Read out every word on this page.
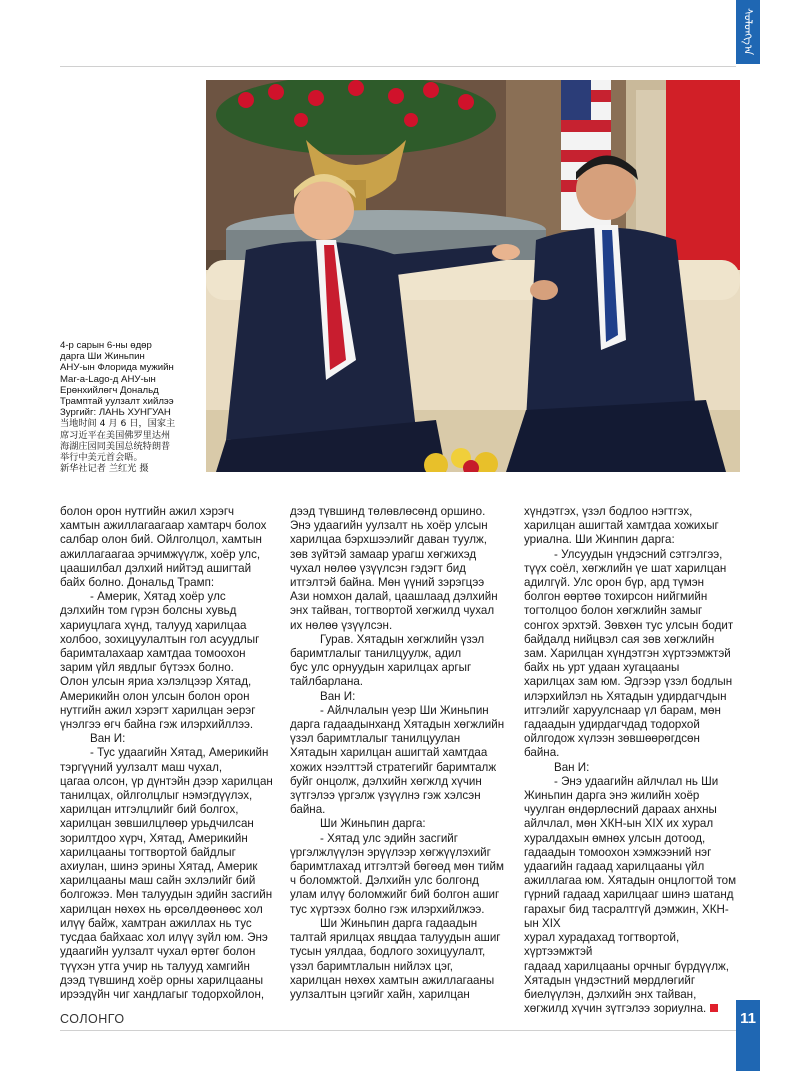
ᠰᠣᠯᠣᠩᠭ᠎ᠠ

4-р сарын 6-ны өдөр
дарга Ши Жиньпин
АНУ-ын Флорида мужийн
Mar-a-Lago-д АНУ-ын
Ерөнхийлөгч Дональд
Трамптай уулзалт хийлээ
Зургийг: ЛАНЬ ХУНГУАН

当地时间 4 月 6 日，国家主
席习近平在美国佛罗里达州
海湖庄园同美国总统特朗普
举行中美元首会晤。
新华社记者 兰红光 摄

болон орон нутгийн ажил хэрэгч
хамтын ажиллагаагаар хамтарч болох
салбар олон бий. Ойлголцол, хамтын
ажиллагаагаа эрчимжүүлж, хоёр улс,
цаашилбал дэлхий нийтэд ашигтай
байх болно. Дональд Трамп:

- Америк, Хятад хоёр улс
дэлхийн том гүрэн болсны хувьд
хариуцлага хүнд, талууд харилцаа
холбоо, зохицуулалтын гол асуудлыг
баримталахаар хамтдаа томоохон
зарим үйл явдлыг бүтээх болно.
Олон улсын яриа хэлэлцээр Хятад,
Америкийн олон улсын болон орон
нутгийн ажил хэрэгт харилцан эерэг
үнэлгээ өгч байна гэж илэрхийллээ.

Ван И:

- Тус удаагийн Хятад, Америкийн
тэргүүний уулзалт маш чухал,
цагаа олсон, үр дүнтэйн дээр харилцан
танилцах, ойлголцлыг нэмэгдүүлэх,
харилцан итгэлцлийг бий болгох,
харилцан зөвшилцлөөр урьдчилсан
зорилтдоо хүрч, Хятад, Америкийн
харилцааны тогтвортой байдлыг
ахиулан, шинэ эрины Хятад, Америк
харилцааны маш сайн эхлэлийг бий
болгожээ. Мөн талуудын эдийн засгийн
харилцан нөхөх нь өрсөлдөөнөөс хол
илүү байж, хамтран ажиллах нь тус
тусдаа байхаас хол илүү зүйл юм. Энэ
удаагийн уулзалт чухал өртөг болон
түүхэн утга учир нь талууд хамгийн
дээд түвшинд хоёр орны харилцааны
ирээдүйн чиг хандлагыг тодорхойлон,

дээд түвшинд төлөвлөсөнд оршино.
Энэ удаагийн уулзалт нь хоёр улсын
харилцаа бэрхшээлийг даван туулж,
зөв зүйтэй замаар урагш хөгжихэд
чухал нөлөө үзүүлсэн гэдэгт бид
итгэлтэй байна. Мөн үүний зэрэгцээ
Ази номхон далай, цаашлаад дэлхийн
энх тайван, тогтвортой хөгжилд чухал
их нөлөө үзүүлсэн.

Гурав. Хятадын хөгжлийн үзэл
баримтлалыг танилцуулж, адил
бус улс орнуудын харилцах аргыг
тайлбарлана.

Ван И:

- Айлчлалын үеэр Ши Жиньпин
дарга гадаадынханд Хятадын хөгжлийн
үзэл баримтлалыг танилцуулан
Хятадын харилцан ашигтай хамтдаа
хожих нээлттэй стратегийг баримталж
буйг онцолж, дэлхийн хөгжлд хүчин
зүтгэлээ үргэлж үзүүлнэ гэж хэлсэн
байна.

Ши Жиньпин дарга:

- Хятад улс эдийн засгийг
үргэлжлүүлэн эрүүлээр хөгжүүлэхийг
баримтлахад итгэлтэй бөгөөд мөн тийм
ч боломжтой. Дэлхийн улс болгонд
улам илүү боломжийг бий болгон ашиг
тус хүртээх болно гэж илэрхийлжээ.

Ши Жиньпин дарга гадаадын
талтай ярилцах явцдаа талуудын ашиг
тусын уялдаа, бодлого зохицуулалт,
үзэл баримтлалын нийлэх цэг,
харилцан нөхөх хамтын ажиллагааны
уулзалтын цэгийг хайн, харилцан

хүндэтгэх, үзэл бодлоо нэгтгэх,
харилцан ашигтай хамтдаа хожихыг
уриална. Ши Жинпин дарга:

- Улсуудын үндэсний сэтгэлгээ,
түүх соёл, хөгжлийн үе шат харилцан
адилгүй. Улс орон бүр, ард түмэн
болгон өөртөө тохирсон нийгмийн
тогтолцоо болон хөгжлийн замыг
сонгох эрхтэй. Зөвхөн тус улсын бодит
байдалд нийцвэл сая зөв хөгжлийн
зам. Харилцан хүндэтгэн хүртээмжтэй
байх нь урт удаан хугацааны
харилцах зам юм. Эдгээр үзэл бодлын
илэрхийлэл нь Хятадын удирдагчдын
итгэлийг харуулснаар үл барам, мөн
гадаадын удирдагчдад тодорхой
ойлгодож хүлээн зөвшөөрөгдсөн
байна.

Ван И:

- Энэ удаагийн айлчлал нь Ши
Жиньпин дарга энэ жилийн хоёр
чуулган өндөрлөсний дараах анхны
айлчлал, мөн ХКН-ын XIX их хурал
хуралдахын өмнөх улсын дотоод,
гадаадын томоохон хэмжээний нэг
удаагийн гадаад харилцааны үйл
ажиллагаа юм. Хятадын онцлогтой том
гүрний гадаад харилцааг шинэ шатанд
гарахыг бид тасралтгүй дэмжин, ХКН-ын XIX
хурал хурадахад тогтвортой, хүртээмжтэй
гадаад харилцааны орчныг бүрдүүлж,
Хятадын үндэстний мөрдлөгийг
биелүүлэн, дэлхийн энх тайван,
хөгжилд хүчин зүтгэлээ зориулна.

СОЛОНГО	11
